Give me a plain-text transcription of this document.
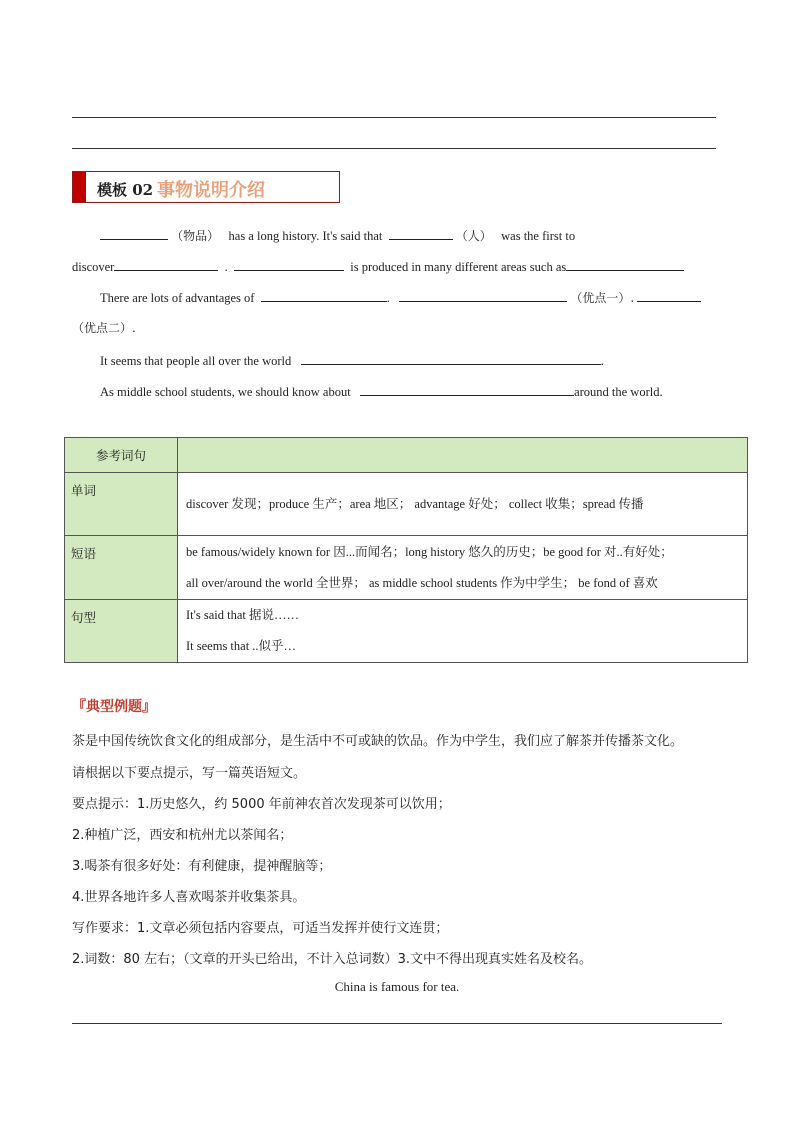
模板 02 事物说明介绍
（物品） has a long history. It's said that	（人） was the first to
discover	.	is produced in many different areas such as
There are lots of advantages of	.	（优点一）.
（优点二）.
It seems that people all over the world	.
As middle school students, we should know about	around the world.
参考词句	
单词	discover 发现；produce 生产；area 地区； advantage 好处； collect 收集；spread 传播

短语	be famous/widely known for 因...而闻名；long history 悠久的历史；be good for 对..有好处；
all over/around the world 全世界； as middle school students 作为中学生； be fond of 喜欢

句型	It's said that 据说……
It seems that ..似乎…
『典型例题』
茶是中国传统饮食文化的组成部分，是生活中不可或缺的饮品。作为中学生，我们应了解茶并传播茶文化。
请根据以下要点提示，写一篇英语短文。
要点提示：1.历史悠久，约 5000 年前神农首次发现茶可以饮用；
2.种植广泛，西安和杭州尤以茶闻名；
3.喝茶有很多好处：有利健康，提神醒脑等；
4.世界各地许多人喜欢喝茶并收集茶具。
写作要求：1.文章必须包括内容要点，可适当发挥并使行文连贯；
2.词数：80 左右；（文章的开头已给出，不计入总词数）3.文中不得出现真实姓名及校名。
China is famous for tea.
